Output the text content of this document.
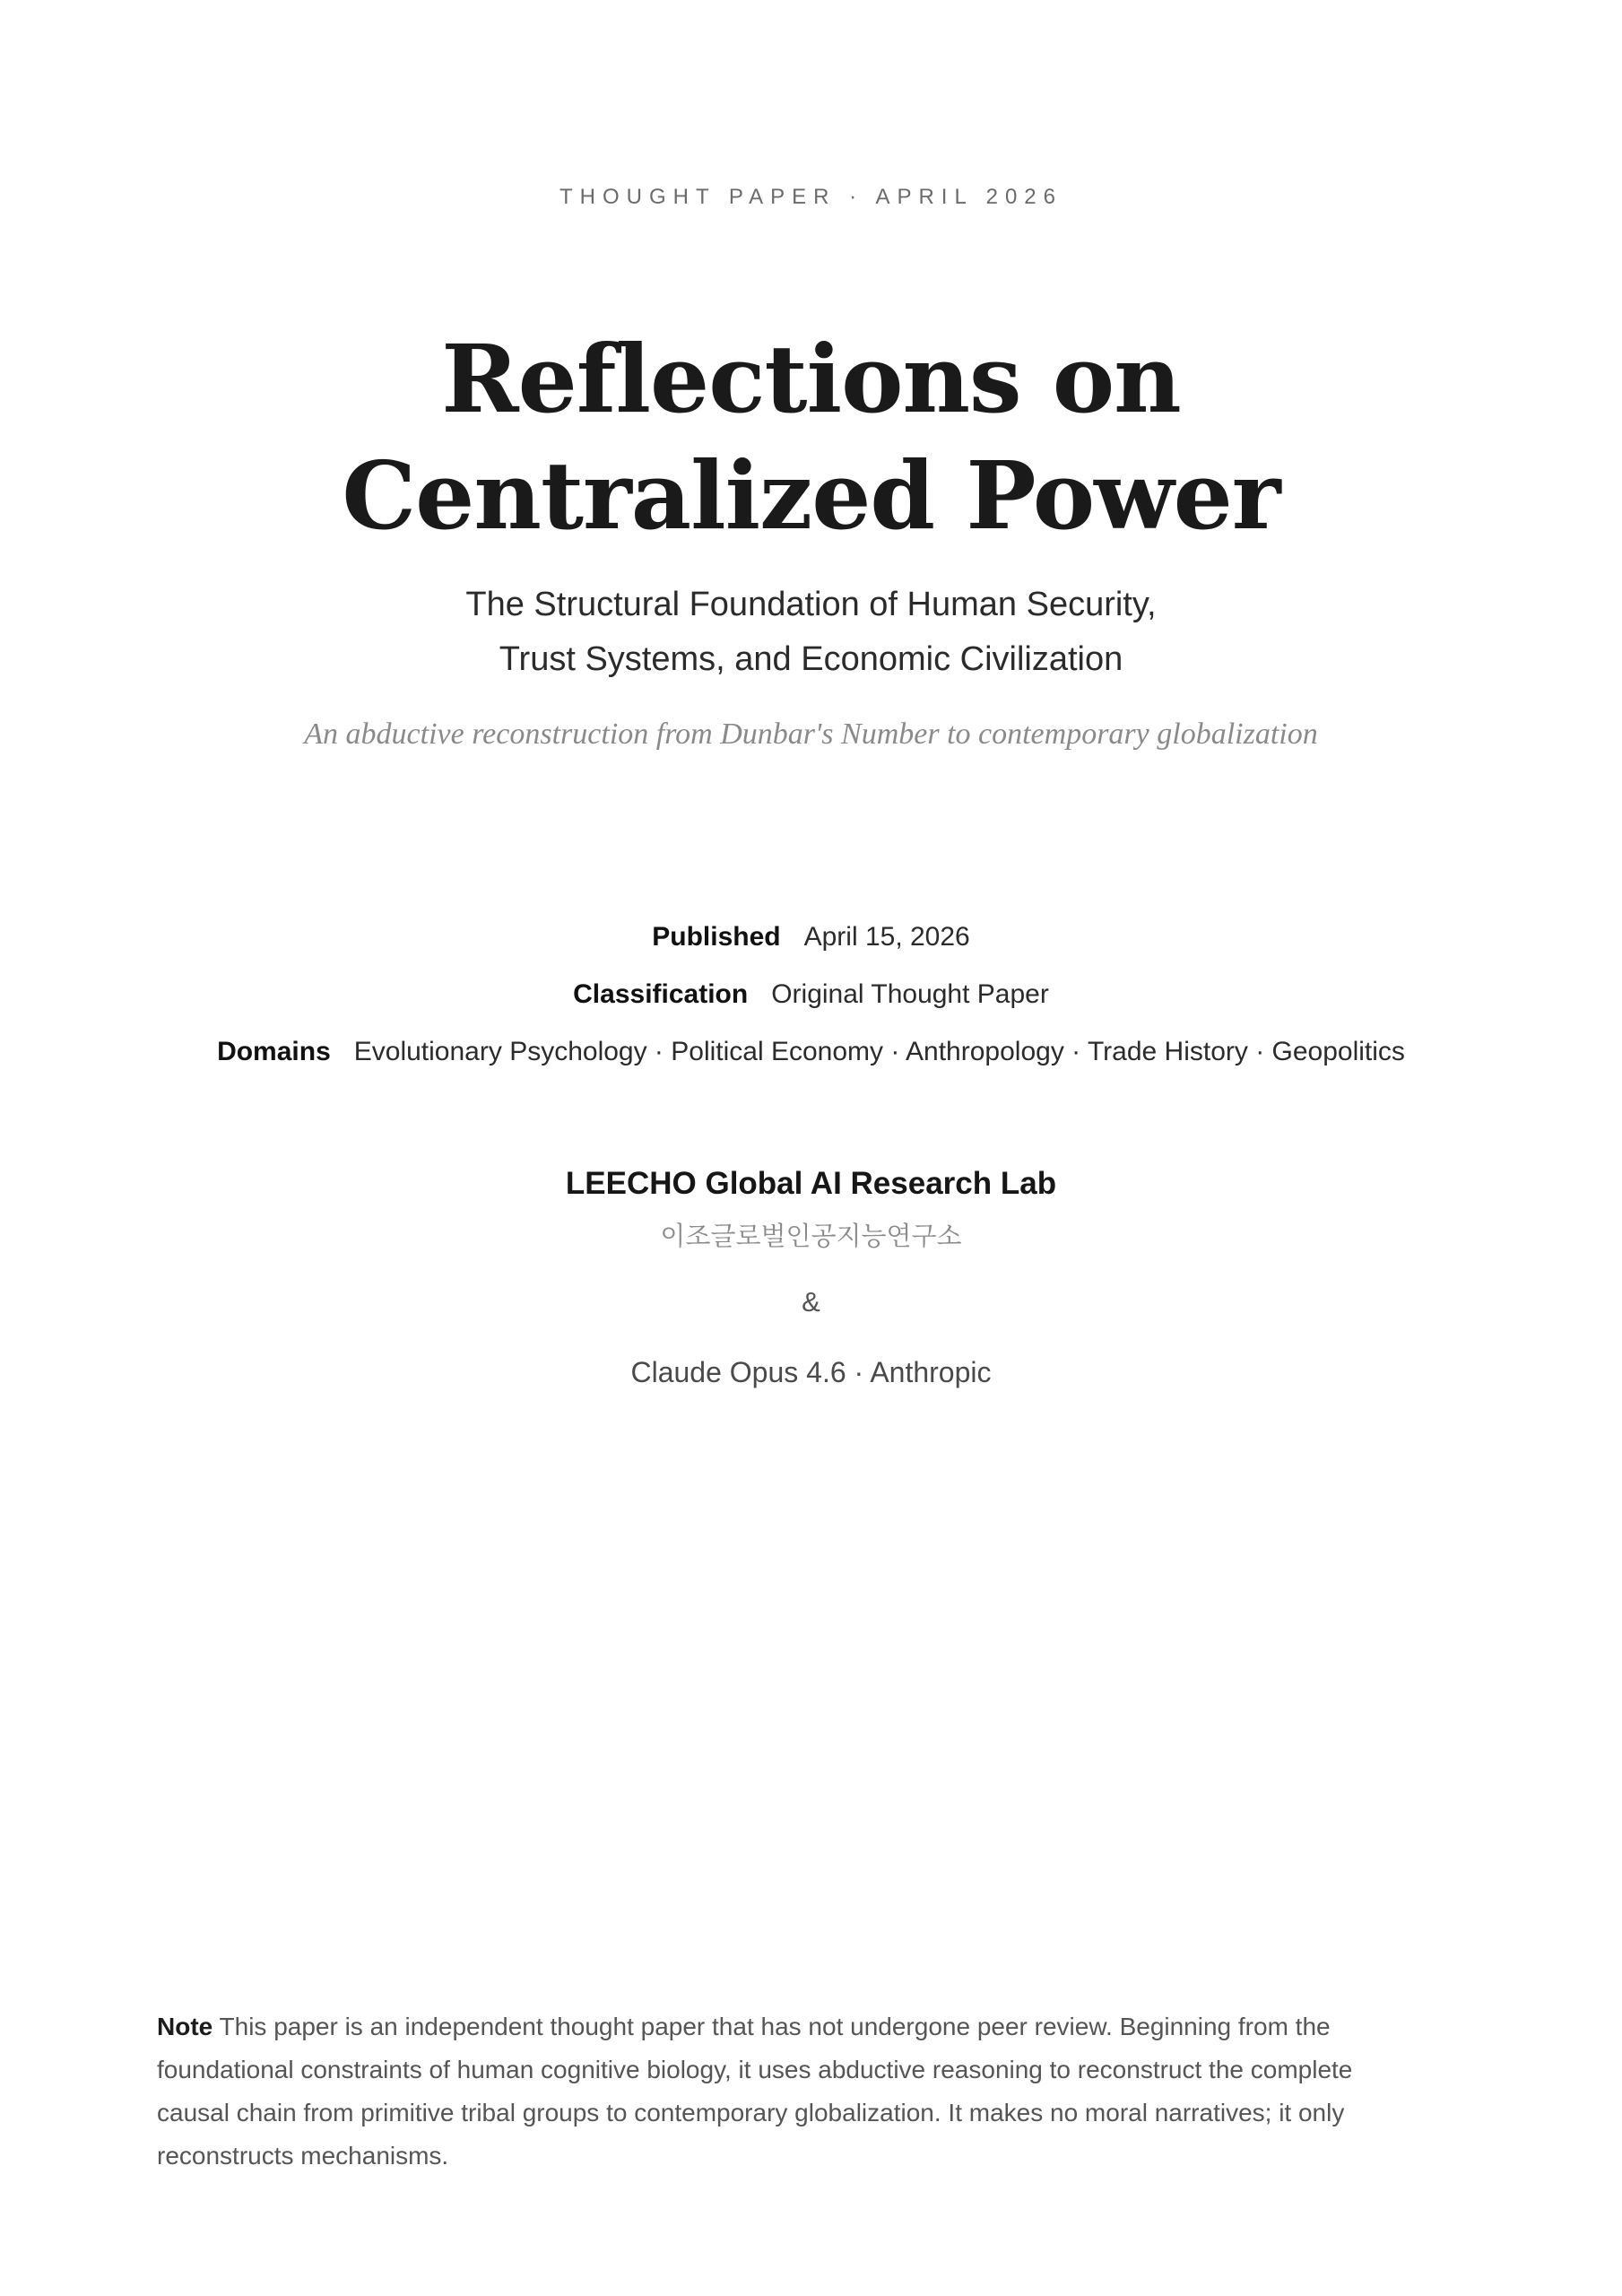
THOUGHT PAPER · APRIL 2026
Reflections on
Centralized Power
The Structural Foundation of Human Security,
Trust Systems, and Economic Civilization
An abductive reconstruction from Dunbar's Number to contemporary globalization
Published April 15, 2026
Classification Original Thought Paper
Domains Evolutionary Psychology · Political Economy · Anthropology · Trade History · Geopolitics
LEECHO Global AI Research Lab
이조글로벌인공지능연구소
&
Claude Opus 4.6 · Anthropic
Note This paper is an independent thought paper that has not undergone peer review. Beginning from the foundational constraints of human cognitive biology, it uses abductive reasoning to reconstruct the complete causal chain from primitive tribal groups to contemporary globalization. It makes no moral narratives; it only reconstructs mechanisms.
